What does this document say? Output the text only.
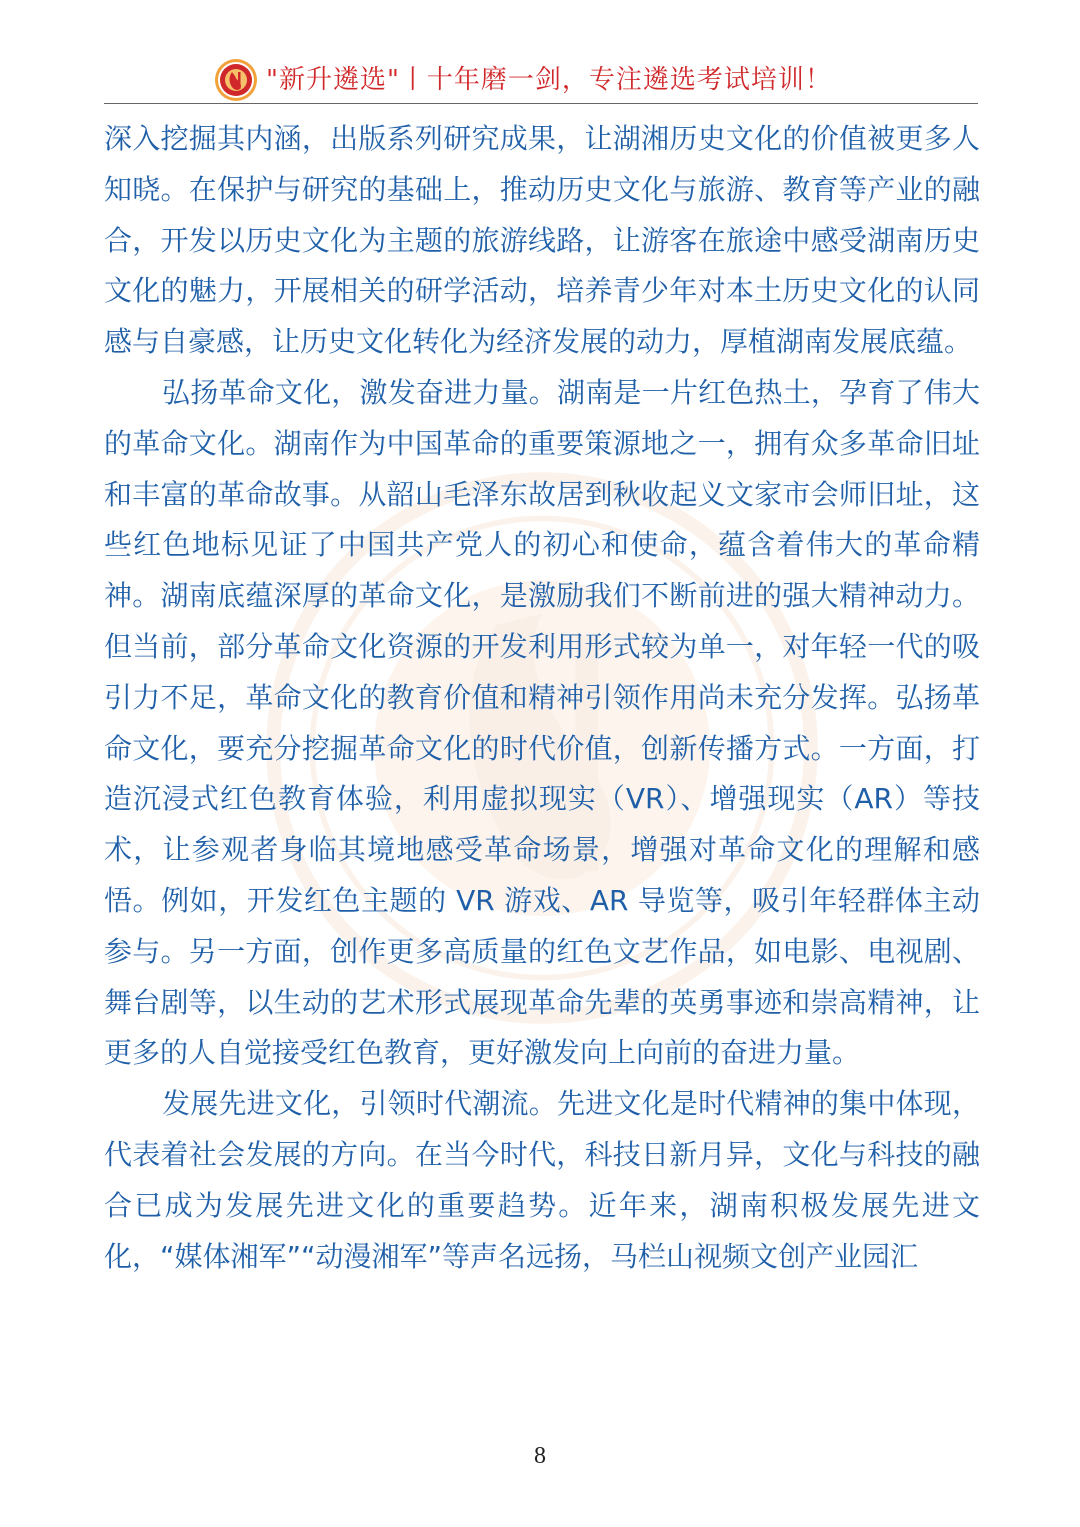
"新升遴选"丨十年磨一剑，专注遴选考试培训！

深入挖掘其内涵，出版系列研究成果，让湖湘历史文化的价值被更多人知晓。在保护与研究的基础上，推动历史文化与旅游、教育等产业的融合，开发以历史文化为主题的旅游线路，让游客在旅途中感受湖南历史文化的魅力，开展相关的研学活动，培养青少年对本土历史文化的认同感与自豪感，让历史文化转化为经济发展的动力，厚植湖南发展底蕴。

弘扬革命文化，激发奋进力量。湖南是一片红色热土，孕育了伟大的革命文化。湖南作为中国革命的重要策源地之一，拥有众多革命旧址和丰富的革命故事。从韶山毛泽东故居到秋收起义文家市会师旧址，这些红色地标见证了中国共产党人的初心和使命，蕴含着伟大的革命精神。湖南底蕴深厚的革命文化，是激励我们不断前进的强大精神动力。但当前，部分革命文化资源的开发利用形式较为单一，对年轻一代的吸引力不足，革命文化的教育价值和精神引领作用尚未充分发挥。弘扬革命文化，要充分挖掘革命文化的时代价值，创新传播方式。一方面，打造沉浸式红色教育体验，利用虚拟现实（VR）、增强现实（AR）等技术，让参观者身临其境地感受革命场景，增强对革命文化的理解和感悟。例如，开发红色主题的 VR 游戏、AR 导览等，吸引年轻群体主动参与。另一方面，创作更多高质量的红色文艺作品，如电影、电视剧、舞台剧等，以生动的艺术形式展现革命先辈的英勇事迹和崇高精神，让更多的人自觉接受红色教育，更好激发向上向前的奋进力量。

发展先进文化，引领时代潮流。先进文化是时代精神的集中体现，代表着社会发展的方向。在当今时代，科技日新月异，文化与科技的融合已成为发展先进文化的重要趋势。近年来，湖南积极发展先进文化，“媒体湘军”“动漫湘军”等声名远扬，马栏山视频文创产业园汇

8
